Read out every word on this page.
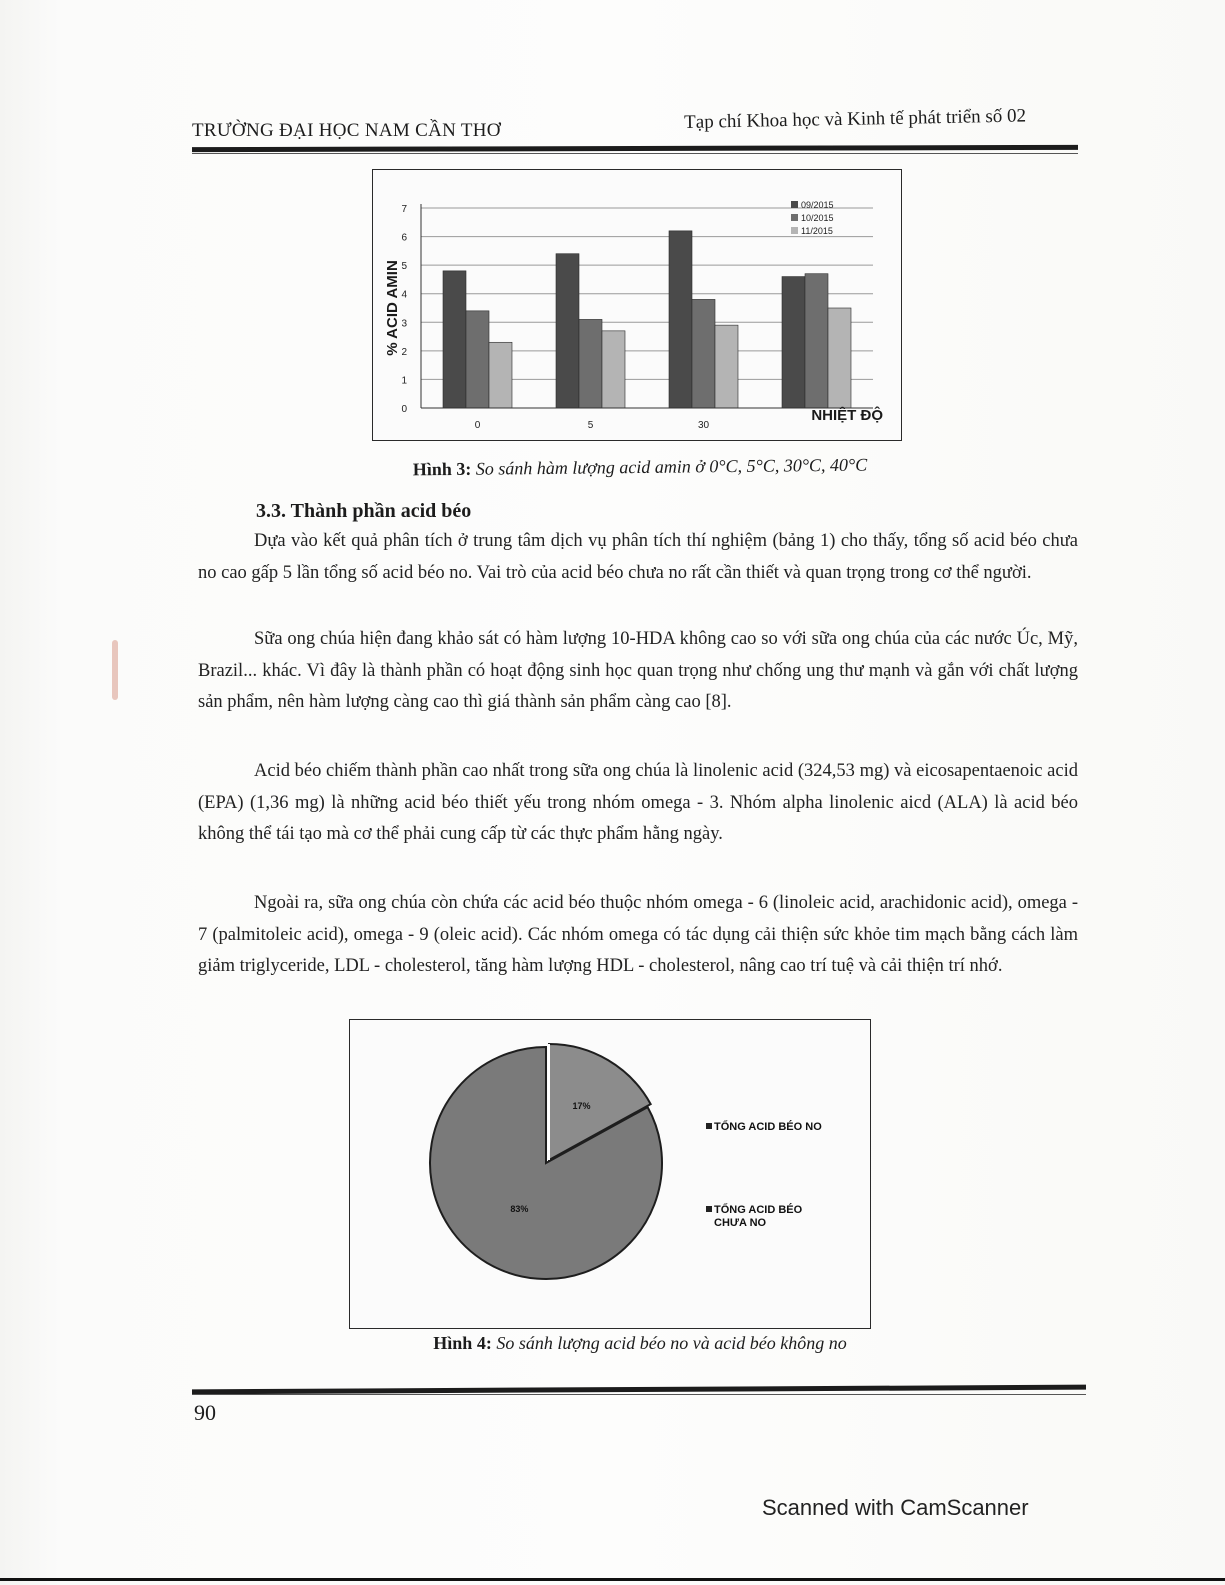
TRƯỜNG ĐẠI HỌC NAM CẦN THƠ	Tạp chí Khoa học và Kinh tế phát triển số 02
0
1
2
3
4
5
6
7
% ACID AMIN
0	5	30
NHIỆT ĐỘ
09/2015
10/2015
11/2015
Hình 3: So sánh hàm lượng acid amin ở 0°C, 5°C, 30°C, 40°C
3.3. Thành phần acid béo
Dựa vào kết quả phân tích ở trung tâm dịch vụ phân tích thí nghiệm (bảng 1) cho thấy, tổng số acid béo chưa no cao gấp 5 lần tổng số acid béo no. Vai trò của acid béo chưa no rất cần thiết và quan trọng trong cơ thể người.
Sữa ong chúa hiện đang khảo sát có hàm lượng 10-HDA không cao so với sữa ong chúa của các nước Úc, Mỹ, Brazil... khác. Vì đây là thành phần có hoạt động sinh học quan trọng như chống ung thư mạnh và gắn với chất lượng sản phẩm, nên hàm lượng càng cao thì giá thành sản phẩm càng cao [8].
Acid béo chiếm thành phần cao nhất trong sữa ong chúa là linolenic acid (324,53 mg) và eicosapentaenoic acid (EPA) (1,36 mg) là những acid béo thiết yếu trong nhóm omega - 3. Nhóm alpha linolenic aicd (ALA) là acid béo không thể tái tạo mà cơ thể phải cung cấp từ các thực phẩm hằng ngày.
Ngoài ra, sữa ong chúa còn chứa các acid béo thuộc nhóm omega - 6 (linoleic acid, arachidonic acid), omega - 7 (palmitoleic acid), omega - 9 (oleic acid). Các nhóm omega có tác dụng cải thiện sức khỏe tim mạch bằng cách làm giảm triglyceride, LDL - cholesterol, tăng hàm lượng HDL - cholesterol, nâng cao trí tuệ và cải thiện trí nhớ.
17%
83%
TỔNG ACID BÉO NO
TỔNG ACID BÉO
CHƯA NO
Hình 4: So sánh lượng acid béo no và acid béo không no
90
Scanned with CamScanner
